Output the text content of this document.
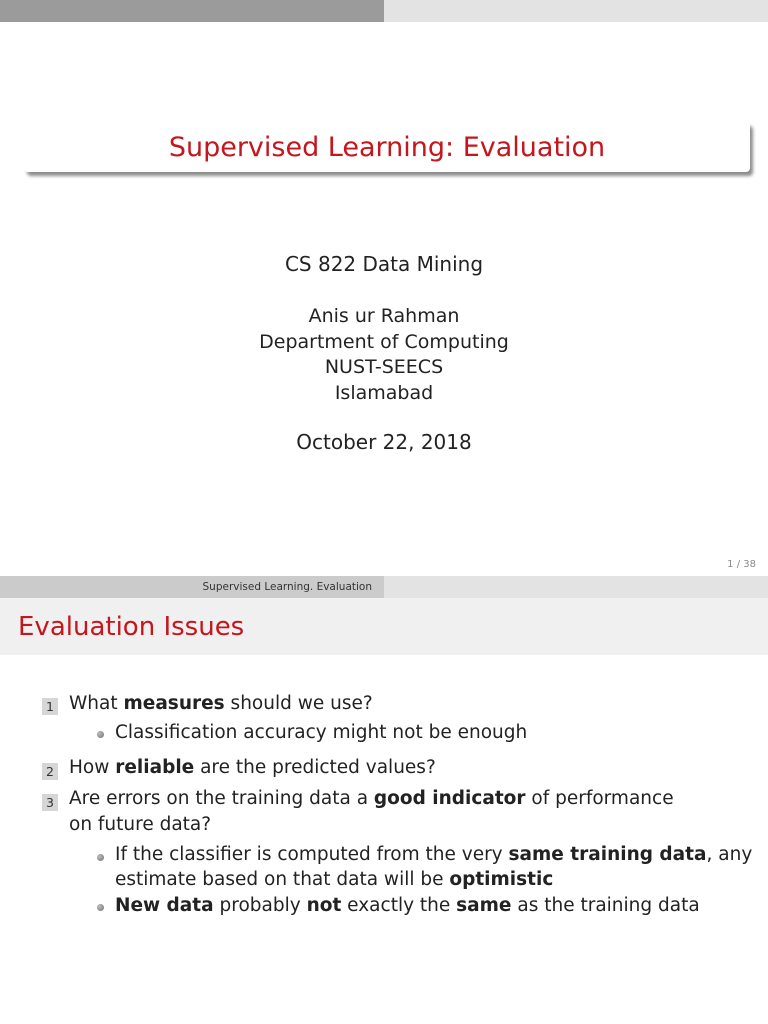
Supervised Learning: Evaluation
CS 822 Data Mining
Anis ur Rahman
Department of Computing
NUST-SEECS
Islamabad
October 22, 2018
1 / 38
Supervised Learning. Evaluation
Evaluation Issues
1 What measures should we use?
Classification accuracy might not be enough
2 How reliable are the predicted values?
3 Are errors on the training data a good indicator of performance
on future data?
If the classifier is computed from the very same training data, any
estimate based on that data will be optimistic
New data probably not exactly the same as the training data
